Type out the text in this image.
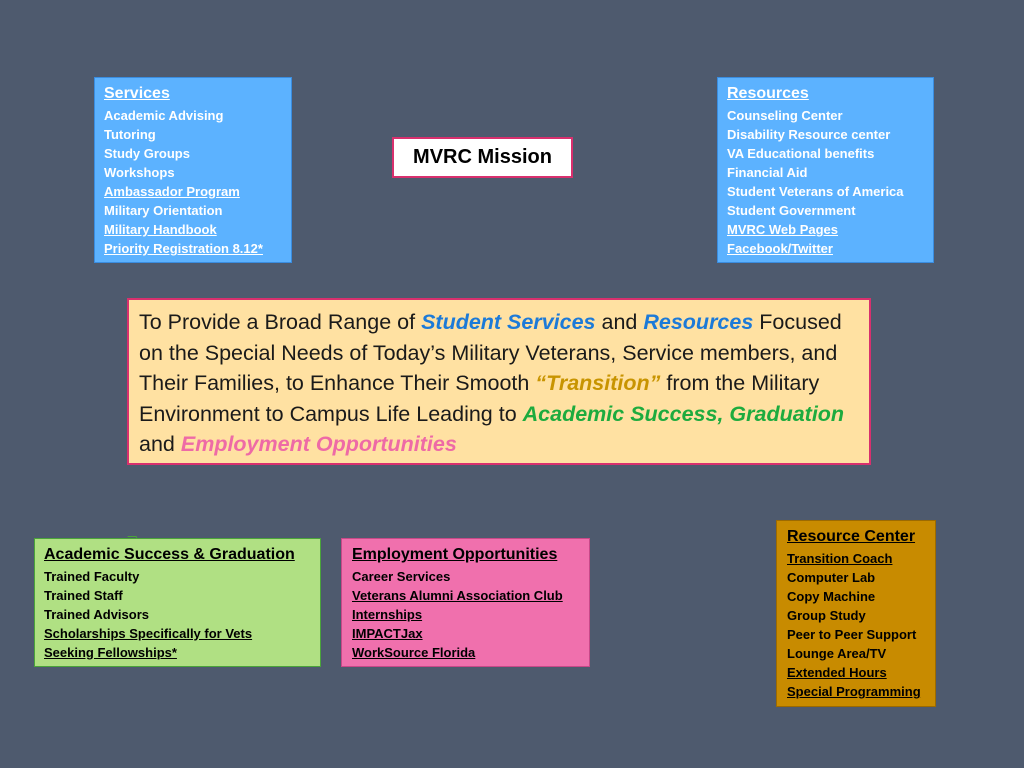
Services
Academic Advising
Tutoring
Study Groups
Workshops
Ambassador Program
Military Orientation
Military Handbook
Priority Registration 8.12*
Resources
Counseling Center
Disability Resource center
VA Educational benefits
Financial Aid
Student Veterans of America
Student Government
MVRC Web Pages
Facebook/Twitter
MVRC Mission
To Provide a Broad Range of Student Services and Resources Focused on the Special Needs of Today’s Military Veterans, Service members, and Their Families, to Enhance Their Smooth “Transition” from the Military Environment to Campus Life Leading to Academic Success, Graduation and Employment Opportunities
Academic Success & Graduation
Trained Faculty
Trained Staff
Trained Advisors
Scholarships Specifically for Vets
Seeking Fellowships*
Employment Opportunities
Career Services
Veterans Alumni Association Club
Internships
IMPACTJax
WorkSource Florida
Resource Center
Transition Coach
Computer Lab
Copy Machine
Group Study
Peer to Peer Support
Lounge Area/TV
Extended Hours
Special Programming
